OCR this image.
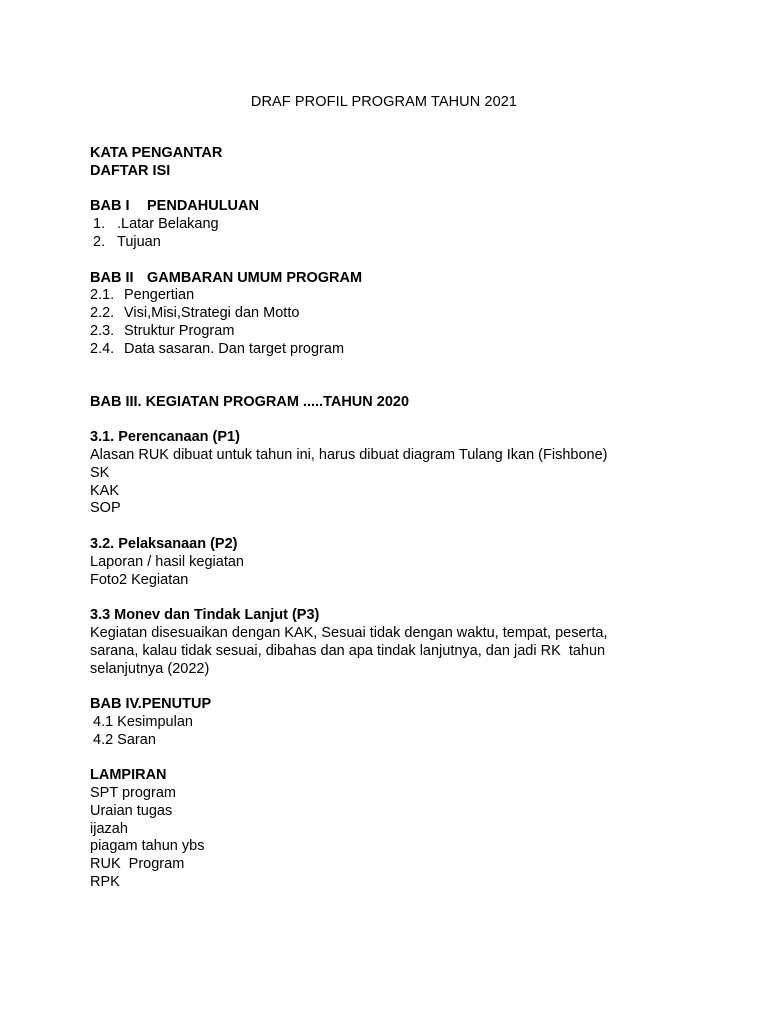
DRAF PROFIL PROGRAM TAHUN 2021
KATA PENGANTAR
DAFTAR ISI
BAB I PENDAHULUAN
1. .Latar Belakang
2. Tujuan
BAB II GAMBARAN UMUM PROGRAM
2.1. Pengertian
2.2. Visi,Misi,Strategi dan Motto
2.3. Struktur Program
2.4. Data sasaran. Dan target program
BAB III. KEGIATAN PROGRAM .....TAHUN 2020
3.1. Perencanaan (P1)
Alasan RUK dibuat untuk tahun ini, harus dibuat diagram Tulang Ikan (Fishbone)
SK
KAK
SOP
3.2. Pelaksanaan (P2)
Laporan / hasil kegiatan
Foto2 Kegiatan
3.3 Monev dan Tindak Lanjut (P3)
Kegiatan disesuaikan dengan KAK, Sesuai tidak dengan waktu, tempat, peserta,
sarana, kalau tidak sesuai, dibahas dan apa tindak lanjutnya, dan jadi RK  tahun
selanjutnya (2022)
BAB IV.PENUTUP
4.1 Kesimpulan
4.2 Saran
LAMPIRAN
SPT program
Uraian tugas
ijazah
piagam tahun ybs
RUK  Program
RPK
